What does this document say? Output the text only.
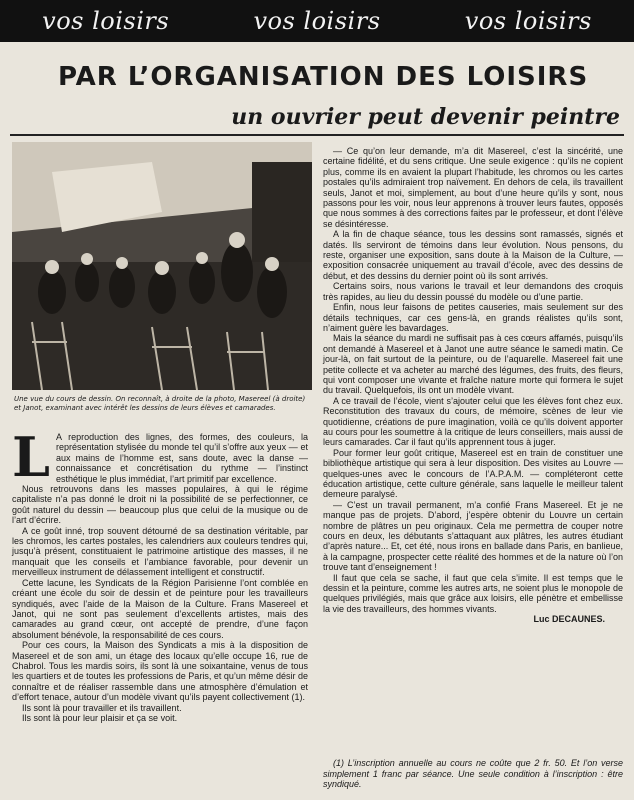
vos loisirs	vos loisirs	vos loisirs
PAR L’ORGANISATION DES LOISIRS
un ouvrier peut devenir peintre
Une vue du cours de dessin. On reconnaît, à droite de la photo, Masereel (à droite) et Janot, examinant avec intérêt les dessins de leurs élèves et camarades.
L A reproduction des lignes, des formes, des couleurs, la représentation stylisée du monde tel qu’il s’offre aux yeux — et aux mains de l’homme est, sans doute, avec la danse — connaissance et concrétisation du rythme — l’instinct esthétique le plus immédiat, l’art primitif par excellence.

Nous retrouvons dans les masses populaires, à qui le régime capitaliste n’a pas donné le droit ni la possibilité de se perfectionner, ce goût naturel du dessin — beaucoup plus que celui de la musique ou de l’art d’écrire.

A ce goût inné, trop souvent détourné de sa destination véritable, par les chromos, les cartes postales, les calendriers aux couleurs tendres qui, jusqu’à présent, constituaient le patrimoine artistique des masses, il ne manquait que les conseils et l’ambiance favorable, pour devenir un merveilleux instrument de délassement intelligent et constructif.

Cette lacune, les Syndicats de la Région Parisienne l’ont comblée en créant une école du soir de dessin et de peinture pour les travailleurs syndiqués, avec l’aide de la Maison de la Culture. Frans Masereel et Janot, qui ne sont pas seulement d’excellents artistes, mais des camarades au grand cœur, ont accepté de prendre, d’une façon absolument bénévole, la responsabilité de ces cours.

Pour ces cours, la Maison des Syndicats a mis à la disposition de Masereel et de son ami, un étage des locaux qu’elle occupe 16, rue de Chabrol. Tous les mardis soirs, ils sont là une soixantaine, venus de tous les quartiers et de toutes les professions de Paris, et qu’un même désir de connaître et de réaliser rassemble dans une atmosphère d’émulation et d’effort tenace, autour d’un modèle vivant qu’ils payent collectivement (1).

Ils sont là pour travailler et ils travaillent.

Ils sont là pour leur plaisir et ça se voit.

— Ce qu’on leur demande, m’a dit Masereel, c’est la sincérité, une certaine fidélité, et du sens critique. Une seule exigence : qu’ils ne copient plus, comme ils en avaient la plupart l’habitude, les chromos ou les cartes postales qu’ils admiraient trop naïvement. En dehors de cela, ils travaillent seuls, Janot et moi, simplement, au bout d’une heure qu’ils y sont, nous passons pour les voir, nous leur apprenons à trouver leurs fautes, opposés que nous sommes à des corrections faites par le professeur, et dont l’élève se désintéresse.

A la fin de chaque séance, tous les dessins sont ramassés, signés et datés. Ils serviront de témoins dans leur évolution. Nous pensons, du reste, organiser une exposition, sans doute à la Maison de la Culture, — exposition consacrée uniquement au travail d’école, avec des dessins de début, et des dessins du dernier point où ils sont arrivés.

Certains soirs, nous varions le travail et leur demandons des croquis très rapides, au lieu du dessin poussé du modèle ou d’une partie.

Enfin, nous leur faisons de petites causeries, mais seulement sur des détails techniques, car ces gens-là, en grands réalistes qu’ils sont, n’aiment guère les bavardages.

Mais la séance du mardi ne suffisait pas à ces cœurs affamés, puisqu’ils ont demandé à Masereel et à Janot une autre séance le samedi matin. Ce jour-là, on fait surtout de la peinture, ou de l’aquarelle. Masereel fait une petite collecte et va acheter au marché des légumes, des fruits, des fleurs, qui vont composer une vivante et fraîche nature morte qui formera le sujet du travail. Quelquefois, ils ont un modèle vivant.

A ce travail de l’école, vient s’ajouter celui que les élèves font chez eux. Reconstitution des travaux du cours, de mémoire, scènes de leur vie quotidienne, créations de pure imagination, voilà ce qu’ils doivent apporter au cours pour les soumettre à la critique de leurs conseillers, mais aussi de leurs camarades. Car il faut qu’ils apprennent tous à juger.

Pour former leur goût critique, Masereel est en train de constituer une bibliothèque artistique qui sera à leur disposition. Des visites au Louvre — quelques-unes avec le concours de l’A.P.A.M. — compléteront cette éducation artistique, cette culture générale, sans laquelle le meilleur talent demeure paralysé.

— C’est un travail permanent, m’a confié Frans Masereel. Et je ne manque pas de projets. D’abord, j’espère obtenir du Louvre un certain nombre de plâtres un peu originaux. Cela me permettra de couper notre cours en deux, les débutants s’attaquant aux plâtres, les autres étudiant d’après nature... Et, cet été, nous irons en ballade dans Paris, en banlieue, à la campagne, prospecter cette réalité des hommes et de la nature où l’on trouve tant d’enseignement !

Il faut que cela se sache, il faut que cela s’imite. Il est temps que le dessin et la peinture, comme les autres arts, ne soient plus le monopole de quelques privilégiés, mais que grâce aux loisirs, elle pénètre et embellisse la vie des travailleurs, des hommes vivants.

Luc DECAUNES.
(1) L’inscription annuelle au cours ne coûte que 2 fr. 50. Et l’on verse simplement 1 franc par séance. Une seule condition à l’inscription : être syndiqué.
